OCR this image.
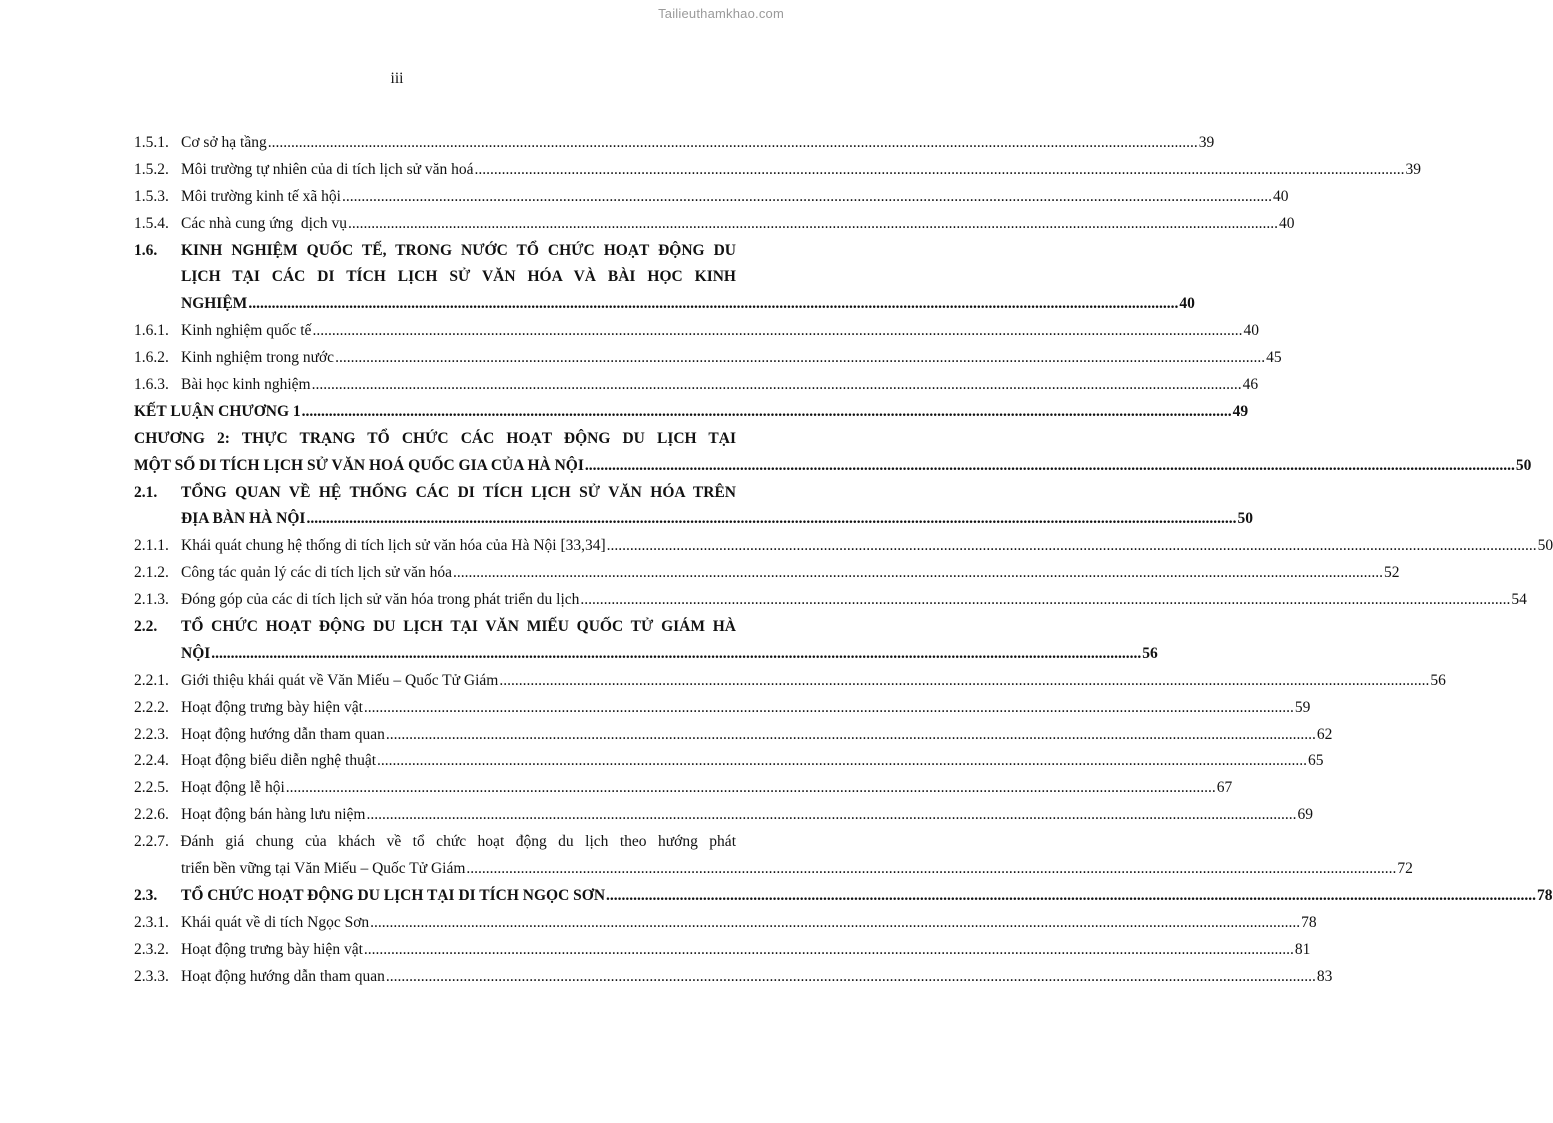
Tailieuthamkhao.com
iii
1.5.1. Cơ sở hạ tầng .....	39
1.5.2. Môi trường tự nhiên của di tích lịch sử văn hoá .....	39
1.5.3. Môi trường kinh tế xã hội .....	40
1.5.4. Các nhà cung ứng  dịch vụ .....	40
1.6.	KINH NGHIỆM QUỐC TẾ, TRONG NƯỚC TỔ CHỨC HOẠT ĐỘNG DU
LỊCH TẠI CÁC DI TÍCH LỊCH SỬ VĂN HÓA VÀ BÀI HỌC KINH
NGHIỆM .....	40
1.6.1. Kinh nghiệm quốc tế .....	40
1.6.2. Kinh nghiệm trong nước .....	45
1.6.3. Bài học kinh nghiệm .....	46
KẾT LUẬN CHƯƠNG 1 .....	49
CHƯƠNG 2: THỰC TRẠNG TỔ CHỨC CÁC HOẠT ĐỘNG DU LỊCH TẠI
MỘT SỐ DI TÍCH LỊCH SỬ VĂN HOÁ QUỐC GIA CỦA HÀ NỘI .....	50
2.1.	TỔNG QUAN VỀ HỆ THỐNG CÁC DI TÍCH LỊCH SỬ VĂN HÓA TRÊN
ĐỊA BÀN HÀ NỘI .....	50
2.1.1. Khái quát chung hệ thống di tích lịch sử văn hóa của Hà Nội [33,34] .....	50
2.1.2. Công tác quản lý các di tích lịch sử văn hóa .....	52
2.1.3. Đóng góp của các di tích lịch sử văn hóa trong phát triển du lịch .....	54
2.2.	TỔ CHỨC HOẠT ĐỘNG DU LỊCH TẠI VĂN MIẾU QUỐC TỬ GIÁM HÀ
NỘI .....	56
2.2.1. Giới thiệu khái quát về Văn Miếu – Quốc Tử Giám .....	56
2.2.2. Hoạt động trưng bày hiện vật .....	59
2.2.3. Hoạt động hướng dẫn tham quan .....	62
2.2.4. Hoạt động biểu diễn nghệ thuật .....	65
2.2.5. Hoạt động lễ hội .....	67
2.2.6. Hoạt động bán hàng lưu niệm .....	69
2.2.7. Đánh giá chung của khách về tổ chức hoạt động du lịch theo hướng phát
triển bền vững tại Văn Miếu – Quốc Tử Giám .....	72
2.3.	TỔ CHỨC HOẠT ĐỘNG DU LỊCH TẠI DI TÍCH NGỌC SƠN .....	78
2.3.1. Khái quát về di tích Ngọc Sơn .....	78
2.3.2. Hoạt động trưng bày hiện vật .....	81
2.3.3. Hoạt động hướng dẫn tham quan .....	83
